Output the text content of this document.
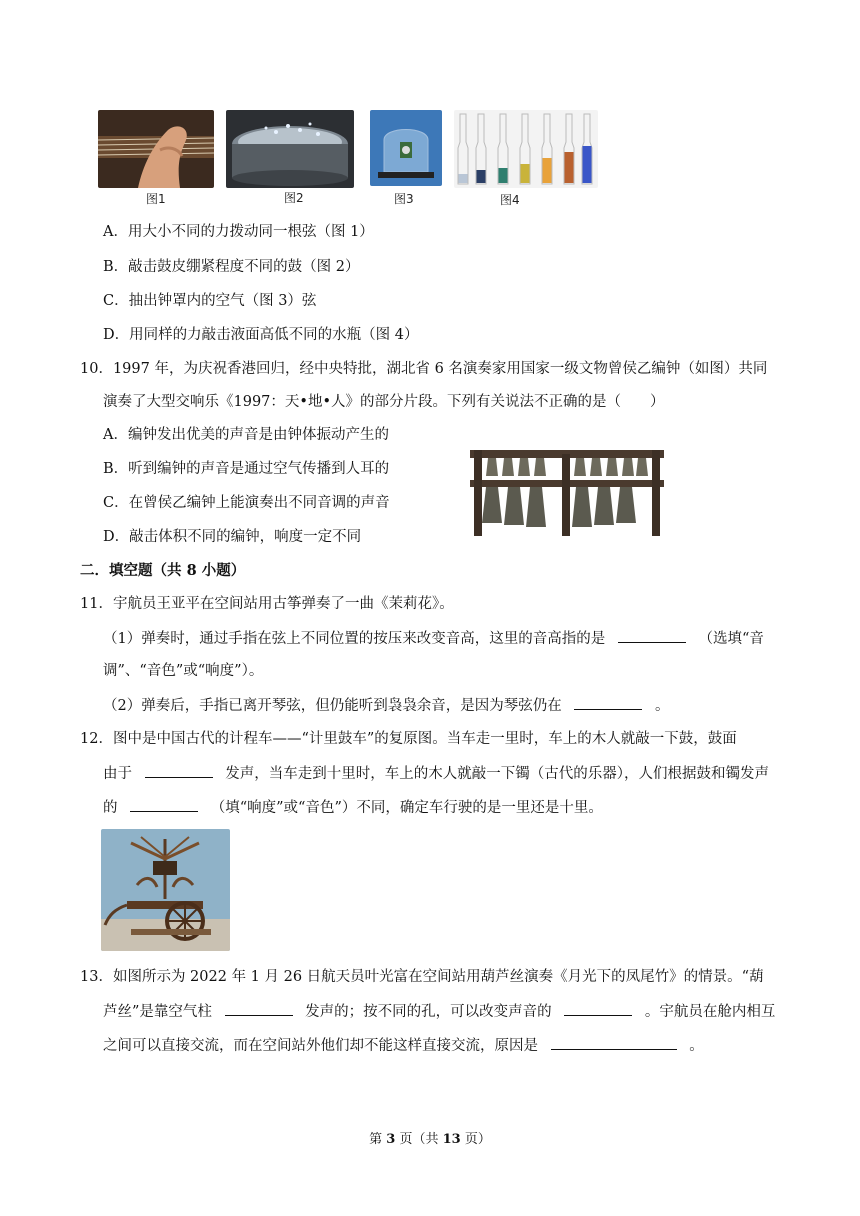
图1	图2	图3	图4
A．用大小不同的力拨动同一根弦（图 1）
B．敲击鼓皮绷紧程度不同的鼓（图 2）
C．抽出钟罩内的空气（图 3）弦
D．用同样的力敲击液面高低不同的水瓶（图 4）
10．1997 年，为庆祝香港回归，经中央特批，湖北省 6 名演奏家用国家一级文物曾侯乙编钟（如图）共同
演奏了大型交响乐《1997：天•地•人》的部分片段。下列有关说法不正确的是（　　）
A．编钟发出优美的声音是由钟体振动产生的
B．听到编钟的声音是通过空气传播到人耳的
C．在曾侯乙编钟上能演奏出不同音调的声音
D．敲击体积不同的编钟，响度一定不同
二．填空题（共 8 小题）
11．宇航员王亚平在空间站用古筝弹奏了一曲《茉莉花》。
（1）弹奏时，通过手指在弦上不同位置的按压来改变音高，这里的音高指的是	（选填“音
调”、“音色”或“响度”）。
（2）弹奏后，手指已离开琴弦，但仍能听到袅袅余音，是因为琴弦仍在	。
12．图中是中国古代的计程车——“计里鼓车”的复原图。当车走一里时，车上的木人就敲一下鼓，鼓面
由于	发声，当车走到十里时，车上的木人就敲一下镯（古代的乐器），人们根据鼓和镯发声
的	（填“响度”或“音色”）不同，确定车行驶的是一里还是十里。
13．如图所示为 2022 年 1 月 26 日航天员叶光富在空间站用葫芦丝演奏《月光下的凤尾竹》的情景。“葫
芦丝”是靠空气柱	发声的；按不同的孔，可以改变声音的	。宇航员在舱内相互
之间可以直接交流，而在空间站外他们却不能这样直接交流，原因是	。
第 3 页（共 13 页）
